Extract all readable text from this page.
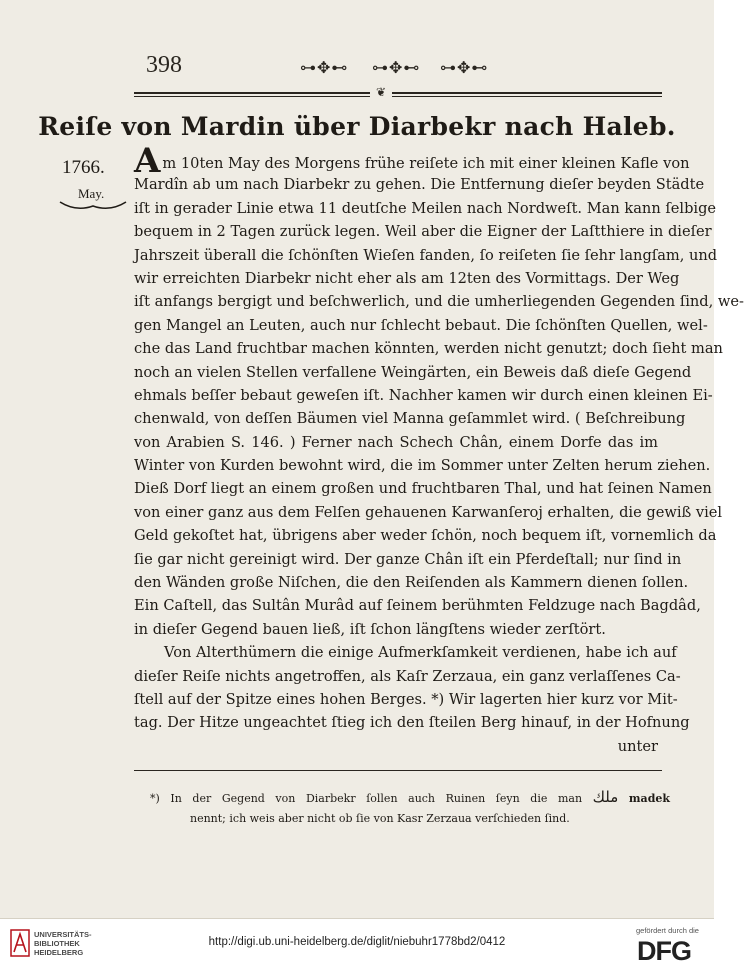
398	⊶✥⊷ ⊶✥⊷ ⊶✥⊷
❦
Reiſe von Mardin über Diarbekr nach Haleb.
1766.
May.
Am 10ten May des Morgens frühe reiſete ich mit einer kleinen Kafle von
Mardîn ab um nach Diarbekr zu gehen. Die Entfernung dieſer beyden Städte
iſt in gerader Linie etwa 11 deutſche Meilen nach Nordweſt. Man kann ſelbige
bequem in 2 Tagen zurück legen. Weil aber die Eigner der Laſtthiere in dieſer
Jahrszeit überall die ſchönſten Wieſen fanden, ſo reiſeten ſie ſehr langſam, und
wir erreichten Diarbekr nicht eher als am 12ten des Vormittags. Der Weg
iſt anfangs bergigt und beſchwerlich, und die umherliegenden Gegenden ſind, we-
gen Mangel an Leuten, auch nur ſchlecht bebaut. Die ſchönſten Quellen, wel-
che das Land fruchtbar machen könnten, werden nicht genutzt; doch ſieht man
noch an vielen Stellen verfallene Weingärten, ein Beweis daß dieſe Gegend
ehmals beſſer bebaut geweſen iſt. Nachher kamen wir durch einen kleinen Ei-
chenwald, von deſſen Bäumen viel Manna geſammlet wird. ( Beſchreibung
von Arabien S. 146. ) Ferner nach Schech Chân, einem Dorfe das im
Winter von Kurden bewohnt wird, die im Sommer unter Zelten herum ziehen.
Dieß Dorf liegt an einem großen und fruchtbaren Thal, und hat ſeinen Namen
von einer ganz aus dem Felſen gehauenen Karwanſeroj erhalten, die gewiß viel
Geld gekoſtet hat, übrigens aber weder ſchön, noch bequem iſt, vornemlich da
ſie gar nicht gereinigt wird. Der ganze Chân iſt ein Pferdeſtall; nur ſind in
den Wänden große Niſchen, die den Reiſenden als Kammern dienen ſollen.
Ein Caſtell, das Sultân Murâd auf ſeinem berühmten Feldzuge nach Bagdâd,
in dieſer Gegend bauen ließ, iſt ſchon längſtens wieder zerſtört.
Von Alterthümern die einige Aufmerkſamkeit verdienen, habe ich auf
dieſer Reiſe nichts angetroffen, als Kaſr Zerzaua, ein ganz verlaſſenes Ca-
ſtell auf der Spitze eines hohen Berges. *) Wir lagerten hier kurz vor Mit-
tag. Der Hitze ungeachtet ſtieg ich den ſteilen Berg hinauf, in der Hofnung
unter
*) In der Gegend von Diarbekr ſollen auch Ruinen ſeyn die man ملك madek
nennt; ich weis aber nicht ob ſie von Kasr Zerzaua verſchieden ſind.
UNIVERSITÄTS-
BIBLIOTHEK
HEIDELBERG
http://digi.ub.uni-heidelberg.de/diglit/niebuhr1778bd2/0412
gefördert durch die
DFG
